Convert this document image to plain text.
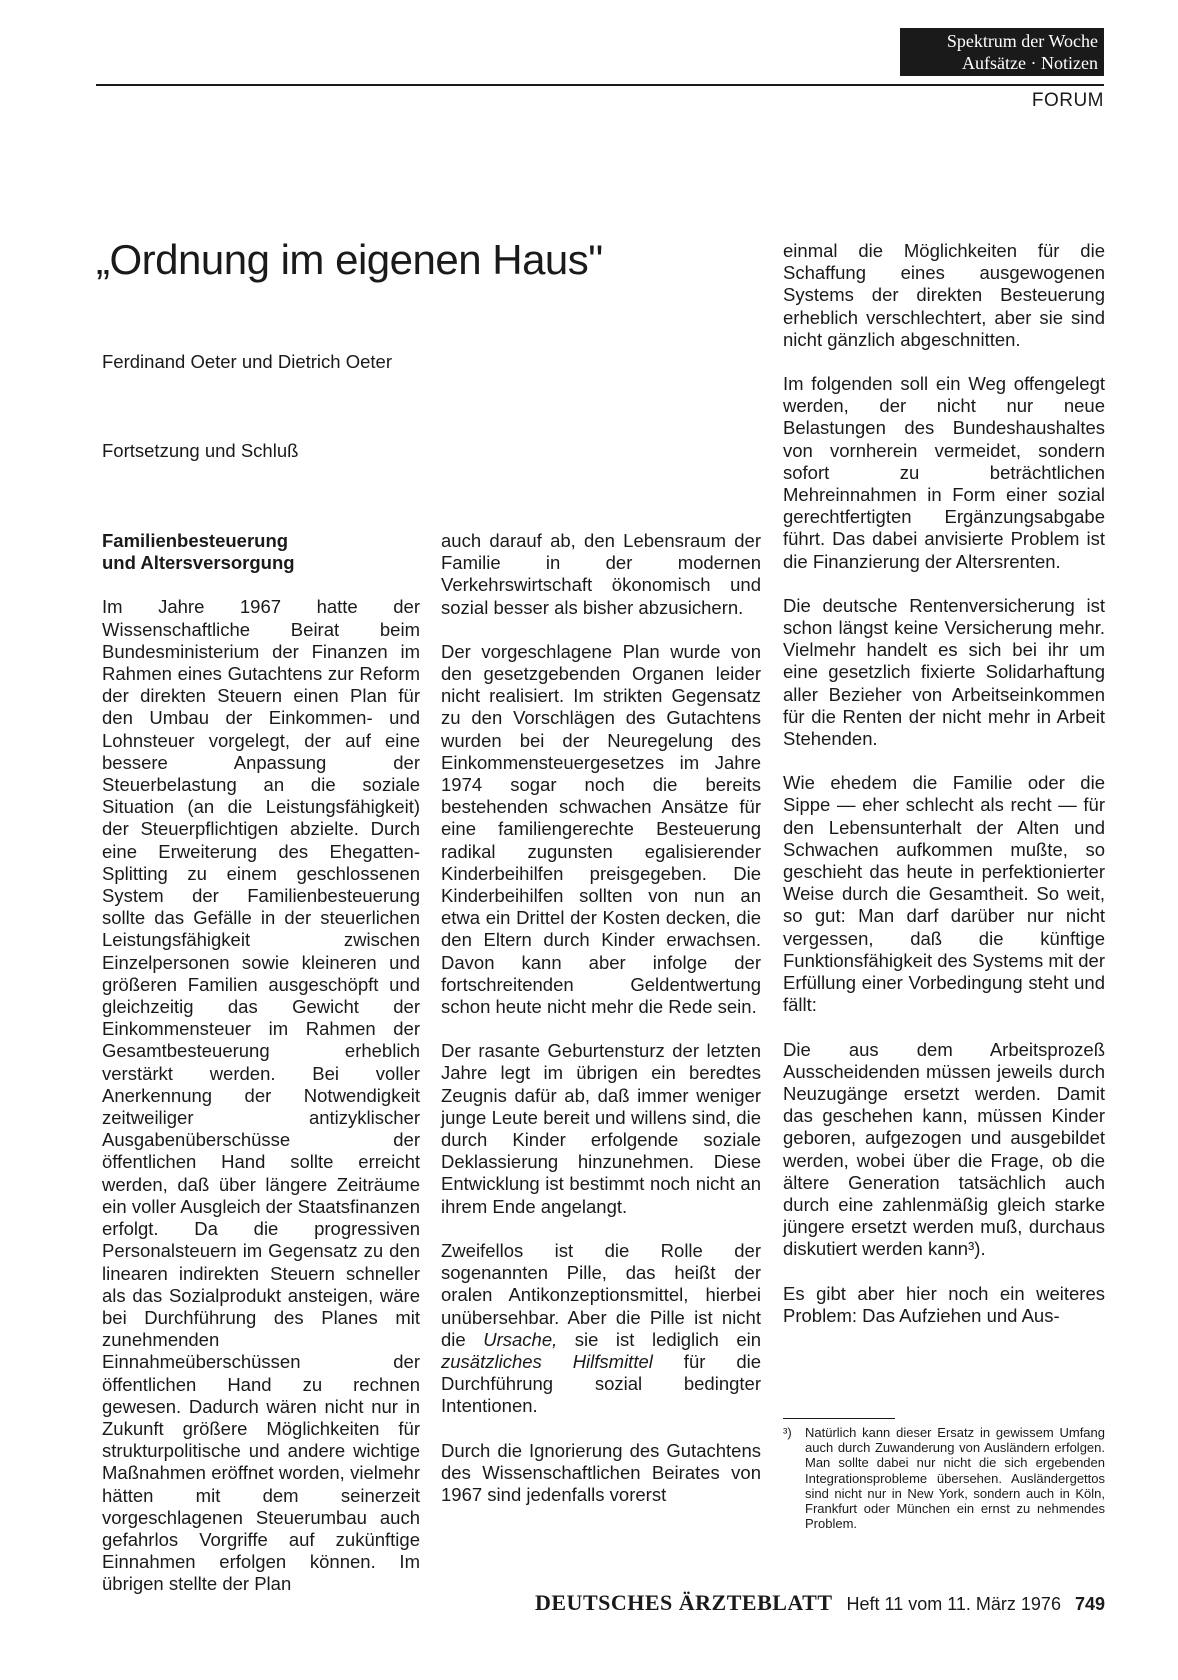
Spektrum der Woche
Aufsätze · Notizen
FORUM
„Ordnung im eigenen Haus"
Ferdinand Oeter und Dietrich Oeter
Fortsetzung und Schluß
Familienbesteuerung
und Altersversorgung

Im Jahre 1967 hatte der Wissenschaftliche Beirat beim Bundesministerium der Finanzen im Rahmen eines Gutachtens zur Reform der direkten Steuern einen Plan für den Umbau der Einkommen- und Lohnsteuer vorgelegt, der auf eine bessere Anpassung der Steuerbelastung an die soziale Situation (an die Leistungsfähigkeit) der Steuerpflichtigen abzielte. Durch eine Erweiterung des Ehegatten-Splitting zu einem geschlossenen System der Familienbesteuerung sollte das Gefälle in der steuerlichen Leistungsfähigkeit zwischen Einzelpersonen sowie kleineren und größeren Familien ausgeschöpft und gleichzeitig das Gewicht der Einkommensteuer im Rahmen der Gesamtbesteuerung erheblich verstärkt werden. Bei voller Anerkennung der Notwendigkeit zeitweiliger antizyklischer Ausgabenüberschüsse der öffentlichen Hand sollte erreicht werden, daß über längere Zeiträume ein voller Ausgleich der Staatsfinanzen erfolgt. Da die progressiven Personalsteuern im Gegensatz zu den linearen indirekten Steuern schneller als das Sozialprodukt ansteigen, wäre bei Durchführung des Planes mit zunehmenden Einnahmeüberschüssen der öffentlichen Hand zu rechnen gewesen. Dadurch wären nicht nur in Zukunft größere Möglichkeiten für strukturpolitische und andere wichtige Maßnahmen eröffnet worden, vielmehr hätten mit dem seinerzeit vorgeschlagenen Steuerumbau auch gefahrlos Vorgriffe auf zukünftige Einnahmen erfolgen können. Im übrigen stellte der Plan

auch darauf ab, den Lebensraum der Familie in der modernen Verkehrswirtschaft ökonomisch und sozial besser als bisher abzusichern.

Der vorgeschlagene Plan wurde von den gesetzgebenden Organen leider nicht realisiert. Im strikten Gegensatz zu den Vorschlägen des Gutachtens wurden bei der Neuregelung des Einkommensteuergesetzes im Jahre 1974 sogar noch die bereits bestehenden schwachen Ansätze für eine familiengerechte Besteuerung radikal zugunsten egalisierender Kinderbeihilfen preisgegeben. Die Kinderbeihilfen sollten von nun an etwa ein Drittel der Kosten decken, die den Eltern durch Kinder erwachsen. Davon kann aber infolge der fortschreitenden Geldentwertung schon heute nicht mehr die Rede sein.

Der rasante Geburtensturz der letzten Jahre legt im übrigen ein beredtes Zeugnis dafür ab, daß immer weniger junge Leute bereit und willens sind, die durch Kinder erfolgende soziale Deklassierung hinzunehmen. Diese Entwicklung ist bestimmt noch nicht an ihrem Ende angelangt.

Zweifellos ist die Rolle der sogenannten Pille, das heißt der oralen Antikonzeptionsmittel, hierbei unübersehbar. Aber die Pille ist nicht die Ursache, sie ist lediglich ein zusätzliches Hilfsmittel für die Durchführung sozial bedingter Intentionen.

Durch die Ignorierung des Gutachtens des Wissenschaftlichen Beirates von 1967 sind jedenfalls vorerst

einmal die Möglichkeiten für die Schaffung eines ausgewogenen Systems der direkten Besteuerung erheblich verschlechtert, aber sie sind nicht gänzlich abgeschnitten.

Im folgenden soll ein Weg offengelegt werden, der nicht nur neue Belastungen des Bundeshaushaltes von vornherein vermeidet, sondern sofort zu beträchtlichen Mehreinnahmen in Form einer sozial gerechtfertigten Ergänzungsabgabe führt. Das dabei anvisierte Problem ist die Finanzierung der Altersrenten.

Die deutsche Rentenversicherung ist schon längst keine Versicherung mehr. Vielmehr handelt es sich bei ihr um eine gesetzlich fixierte Solidarhaftung aller Bezieher von Arbeitseinkommen für die Renten der nicht mehr in Arbeit Stehenden.

Wie ehedem die Familie oder die Sippe — eher schlecht als recht — für den Lebensunterhalt der Alten und Schwachen aufkommen mußte, so geschieht das heute in perfektionierter Weise durch die Gesamtheit. So weit, so gut: Man darf darüber nur nicht vergessen, daß die künftige Funktionsfähigkeit des Systems mit der Erfüllung einer Vorbedingung steht und fällt:

Die aus dem Arbeitsprozeß Ausscheidenden müssen jeweils durch Neuzugänge ersetzt werden. Damit das geschehen kann, müssen Kinder geboren, aufgezogen und ausgebildet werden, wobei über die Frage, ob die ältere Generation tatsächlich auch durch eine zahlenmäßig gleich starke jüngere ersetzt werden muß, durchaus diskutiert werden kann³).

Es gibt aber hier noch ein weiteres Problem: Das Aufziehen und Aus-

³)	Natürlich kann dieser Ersatz in gewissem Umfang auch durch Zuwanderung von Ausländern erfolgen. Man sollte dabei nur nicht die sich ergebenden Integrationsprobleme übersehen. Ausländergettos sind nicht nur in New York, sondern auch in Köln, Frankfurt oder München ein ernst zu nehmendes Problem.
DEUTSCHES ÄRZTEBLATT Heft 11 vom 11. März 1976 749
